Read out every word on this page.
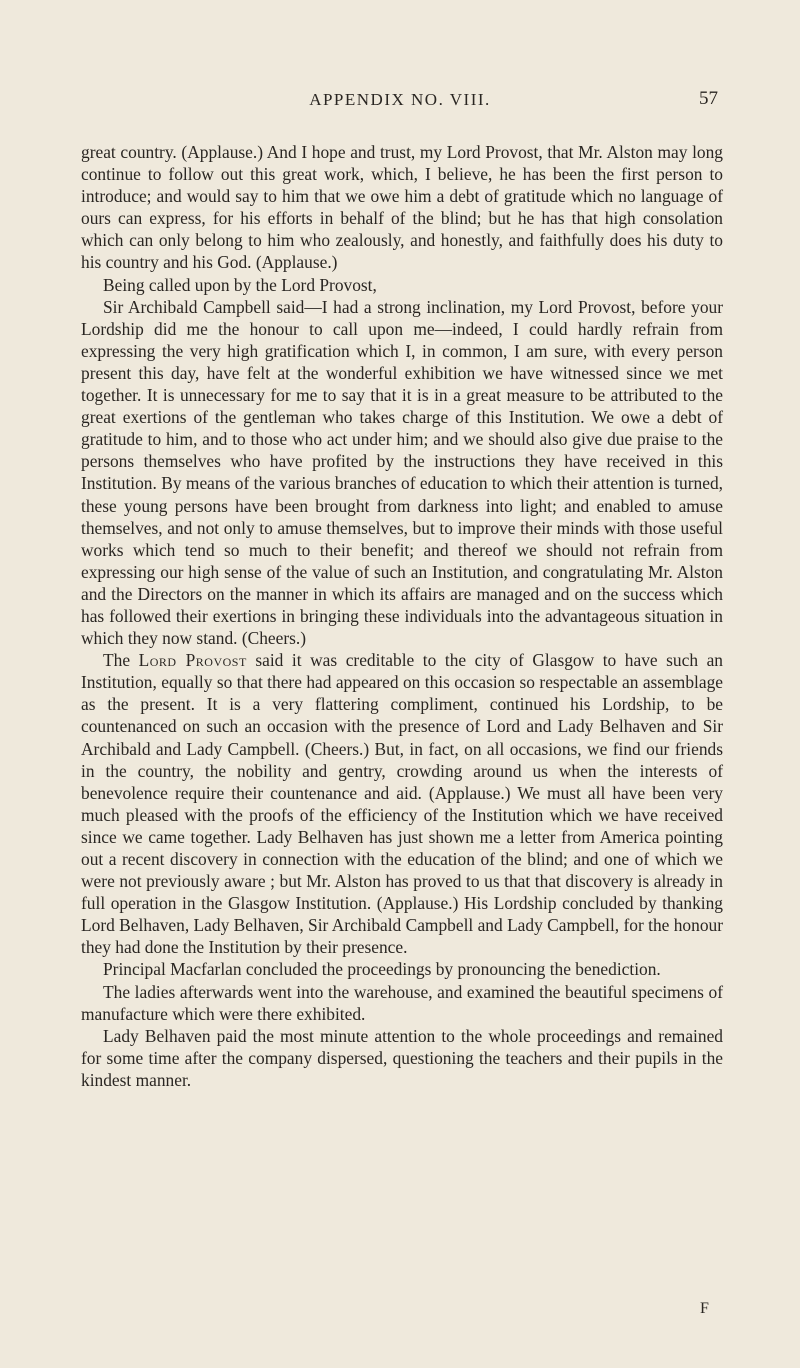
APPENDIX NO. VIII.	57

great country. (Applause.) And I hope and trust, my Lord Provost, that Mr. Alston may long continue to follow out this great work, which, I believe, he has been the first person to introduce; and would say to him that we owe him a debt of gratitude which no language of ours can express, for his efforts in behalf of the blind; but he has that high consolation which can only belong to him who zealously, and honestly, and faithfully does his duty to his country and his God. (Applause.)

Being called upon by the Lord Provost,

Sir Archibald Campbell said—I had a strong inclination, my Lord Provost, before your Lordship did me the honour to call upon me—indeed, I could hardly refrain from expressing the very high gratification which I, in common, I am sure, with every person present this day, have felt at the wonderful exhibition we have witnessed since we met together. It is unnecessary for me to say that it is in a great measure to be attributed to the great exertions of the gentleman who takes charge of this Institution. We owe a debt of gratitude to him, and to those who act under him; and we should also give due praise to the persons themselves who have profited by the instructions they have received in this Institution. By means of the various branches of education to which their attention is turned, these young persons have been brought from darkness into light; and enabled to amuse themselves, and not only to amuse themselves, but to improve their minds with those useful works which tend so much to their benefit; and thereof we should not refrain from expressing our high sense of the value of such an Institution, and congratulating Mr. Alston and the Directors on the manner in which its affairs are managed and on the success which has followed their exertions in bringing these individuals into the advantageous situation in which they now stand. (Cheers.)

The Lord Provost said it was creditable to the city of Glasgow to have such an Institution, equally so that there had appeared on this occasion so respectable an assemblage as the present. It is a very flattering compliment, continued his Lordship, to be countenanced on such an occasion with the presence of Lord and Lady Belhaven and Sir Archibald and Lady Campbell. (Cheers.) But, in fact, on all occasions, we find our friends in the country, the nobility and gentry, crowding around us when the interests of benevolence require their countenance and aid. (Applause.) We must all have been very much pleased with the proofs of the efficiency of the Institution which we have received since we came together. Lady Belhaven has just shown me a letter from America pointing out a recent discovery in connection with the education of the blind; and one of which we were not previously aware ; but Mr. Alston has proved to us that that discovery is already in full operation in the Glasgow Institution. (Applause.) His Lordship concluded by thanking Lord Belhaven, Lady Belhaven, Sir Archibald Campbell and Lady Campbell, for the honour they had done the Institution by their presence.

Principal Macfarlan concluded the proceedings by pronouncing the benediction.

The ladies afterwards went into the warehouse, and examined the beautiful specimens of manufacture which were there exhibited.

Lady Belhaven paid the most minute attention to the whole proceedings and remained for some time after the company dispersed, questioning the teachers and their pupils in the kindest manner.

F
